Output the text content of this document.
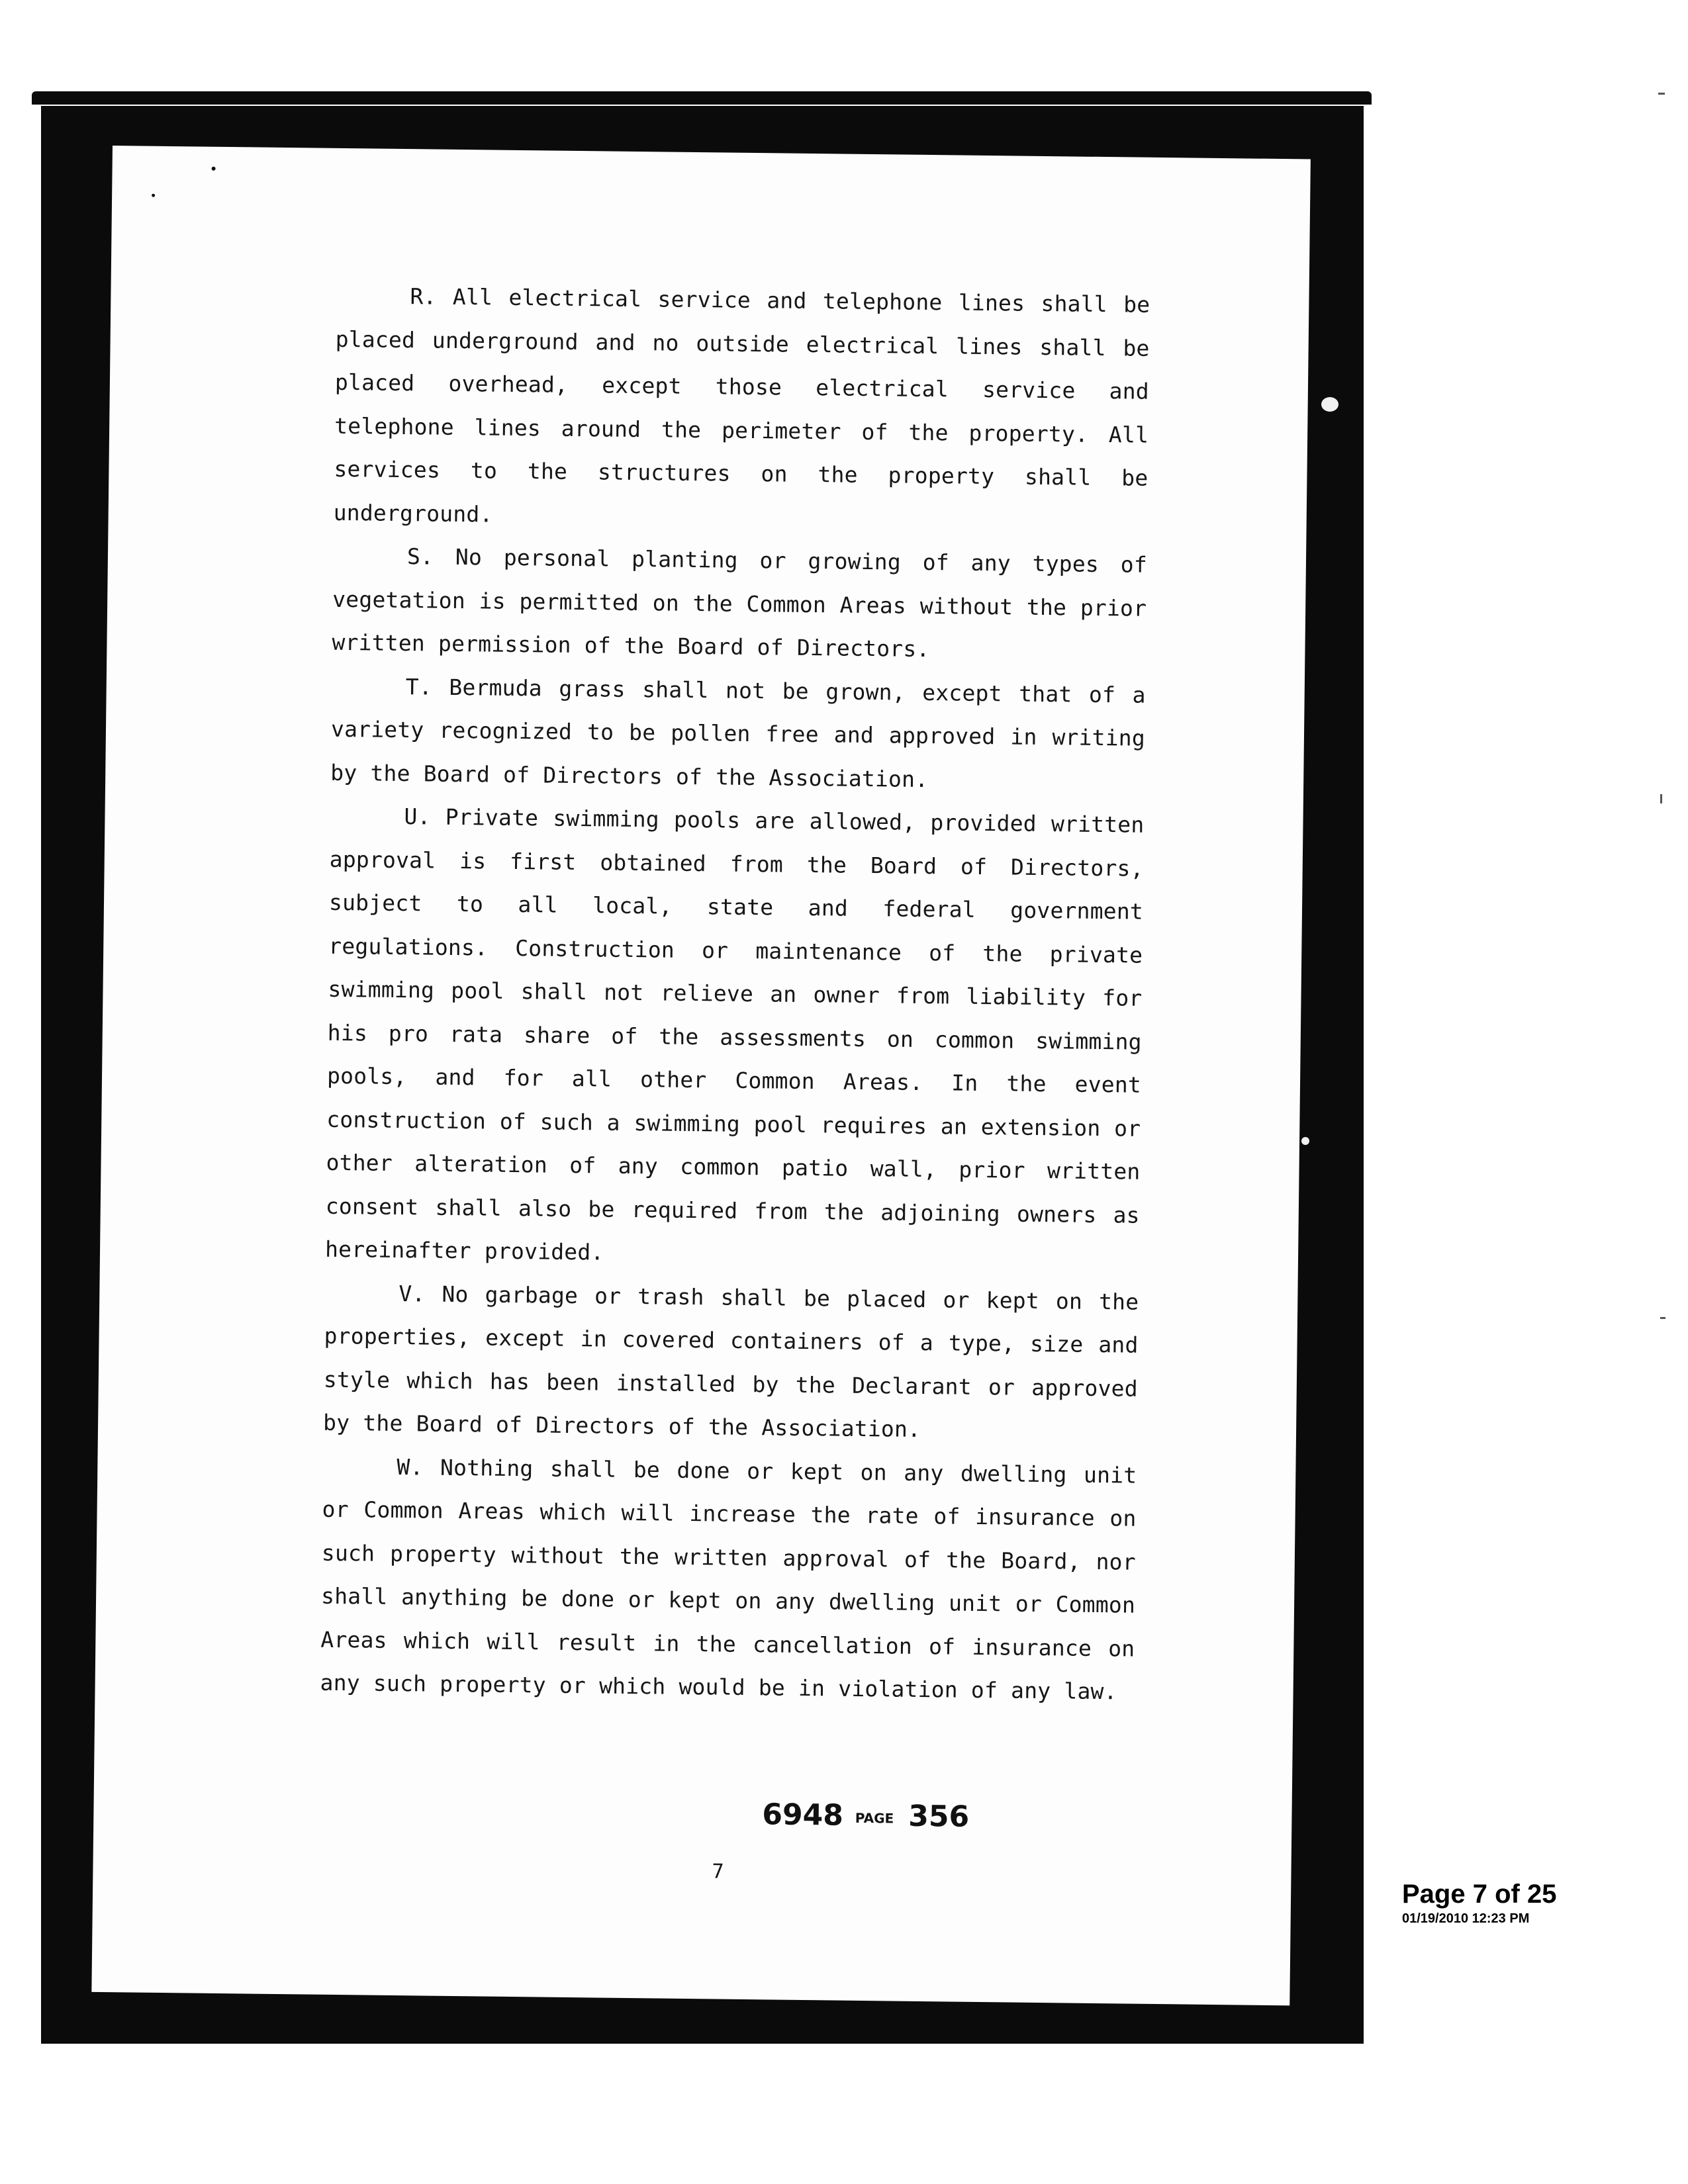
R. All electrical service and telephone lines shall be placed underground and no outside electrical lines shall be placed overhead, except those electrical service and telephone lines around the perimeter of the property. All services to the structures on the property shall be underground.

S. No personal planting or growing of any types of vegetation is permitted on the Common Areas without the prior written permission of the Board of Directors.

T. Bermuda grass shall not be grown, except that of a variety recognized to be pollen free and approved in writing by the Board of Directors of the Association.

U. Private swimming pools are allowed, provided written approval is first obtained from the Board of Directors, subject to all local, state and federal government regulations. Construction or maintenance of the private swimming pool shall not relieve an owner from liability for his pro rata share of the assessments on common swimming pools, and for all other Common Areas. In the event construction of such a swimming pool requires an extension or other alteration of any common patio wall, prior written consent shall also be required from the adjoining owners as hereinafter provided.

V. No garbage or trash shall be placed or kept on the properties, except in covered containers of a type, size and style which has been installed by the Declarant or approved by the Board of Directors of the Association.

W. Nothing shall be done or kept on any dwelling unit or Common Areas which will increase the rate of insurance on such property without the written approval of the Board, nor shall anything be done or kept on any dwelling unit or Common Areas which will result in the cancellation of insurance on any such property or which would be in violation of any law.

6948 PAGE 356
7
Page 7 of 25
01/19/2010 12:23 PM
